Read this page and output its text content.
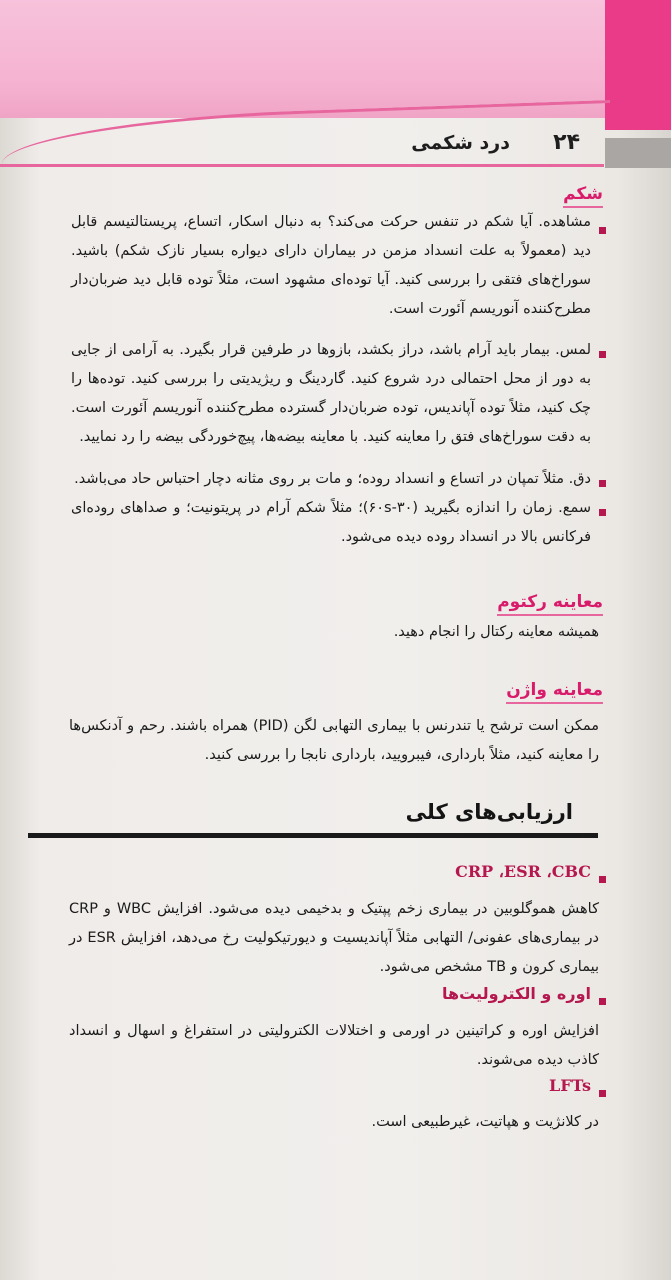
۲۴
درد شکمی
شکم
مشاهده. آیا شکم در تنفس حرکت می‌کند؟ به دنبال اسکار، اتساع، پریستالتیسم قابل دید (معمولاً به علت انسداد مزمن در بیماران دارای دیواره بسیار نازک شکم) باشید. سوراخ‌های فتقی را بررسی کنید. آیا توده‌ای مشهود است، مثلاً توده قابل دید ضربان‌دار مطرح‌کننده آنوریسم آئورت است.
لمس. بیمار باید آرام باشد، دراز بکشد، بازوها در طرفین قرار بگیرد. به آرامی از جایی به دور از محل احتمالی درد شروع کنید. گاردینگ و ریژیدیتی را بررسی کنید. توده‌ها را چک کنید، مثلاً توده آپاندیس، توده ضربان‌دار گسترده مطرح‌کننده آنوریسم آئورت است. به دقت سوراخ‌های فتق را معاینه کنید. با معاینه بیضه‌ها، پیچ‌خوردگی بیضه را رد نمایید.
دق. مثلاً تمپان در اتساع و انسداد روده؛ و مات بر روی مثانه دچار احتباس حاد می‌باشد.
سمع. زمان را اندازه بگیرید (۶۰s-۳۰)؛ مثلاً شکم آرام در پریتونیت؛ و صداهای روده‌ای فرکانس بالا در انسداد روده دیده می‌شود.
معاینه رکتوم
همیشه معاینه رکتال را انجام دهید.
معاینه واژن
ممکن است ترشح یا تندرنس با بیماری التهابی لگن (PID) همراه باشند. رحم و آدنکس‌ها را معاینه کنید، مثلاً بارداری، فیبرویید، بارداری نابجا را بررسی کنید.
ارزیابی‌های کلی
CRP ،ESR ،CBC
کاهش هموگلوبین در بیماری زخم پپتیک و بدخیمی دیده می‌شود. افزایش WBC و CRP در بیماری‌های عفونی/ التهابی مثلاً آپاندیسیت و دیورتیکولیت رخ می‌دهد، افزایش ESR در بیماری کرون و TB مشخص می‌شود.
اوره و الکترولیت‌ها
افزایش اوره و کراتینین در اورمی و اختلالات الکترولیتی در استفراغ و اسهال و انسداد کاذب دیده می‌شوند.
LFTs
در کلانژیت و هپاتیت، غیرطبیعی است.
